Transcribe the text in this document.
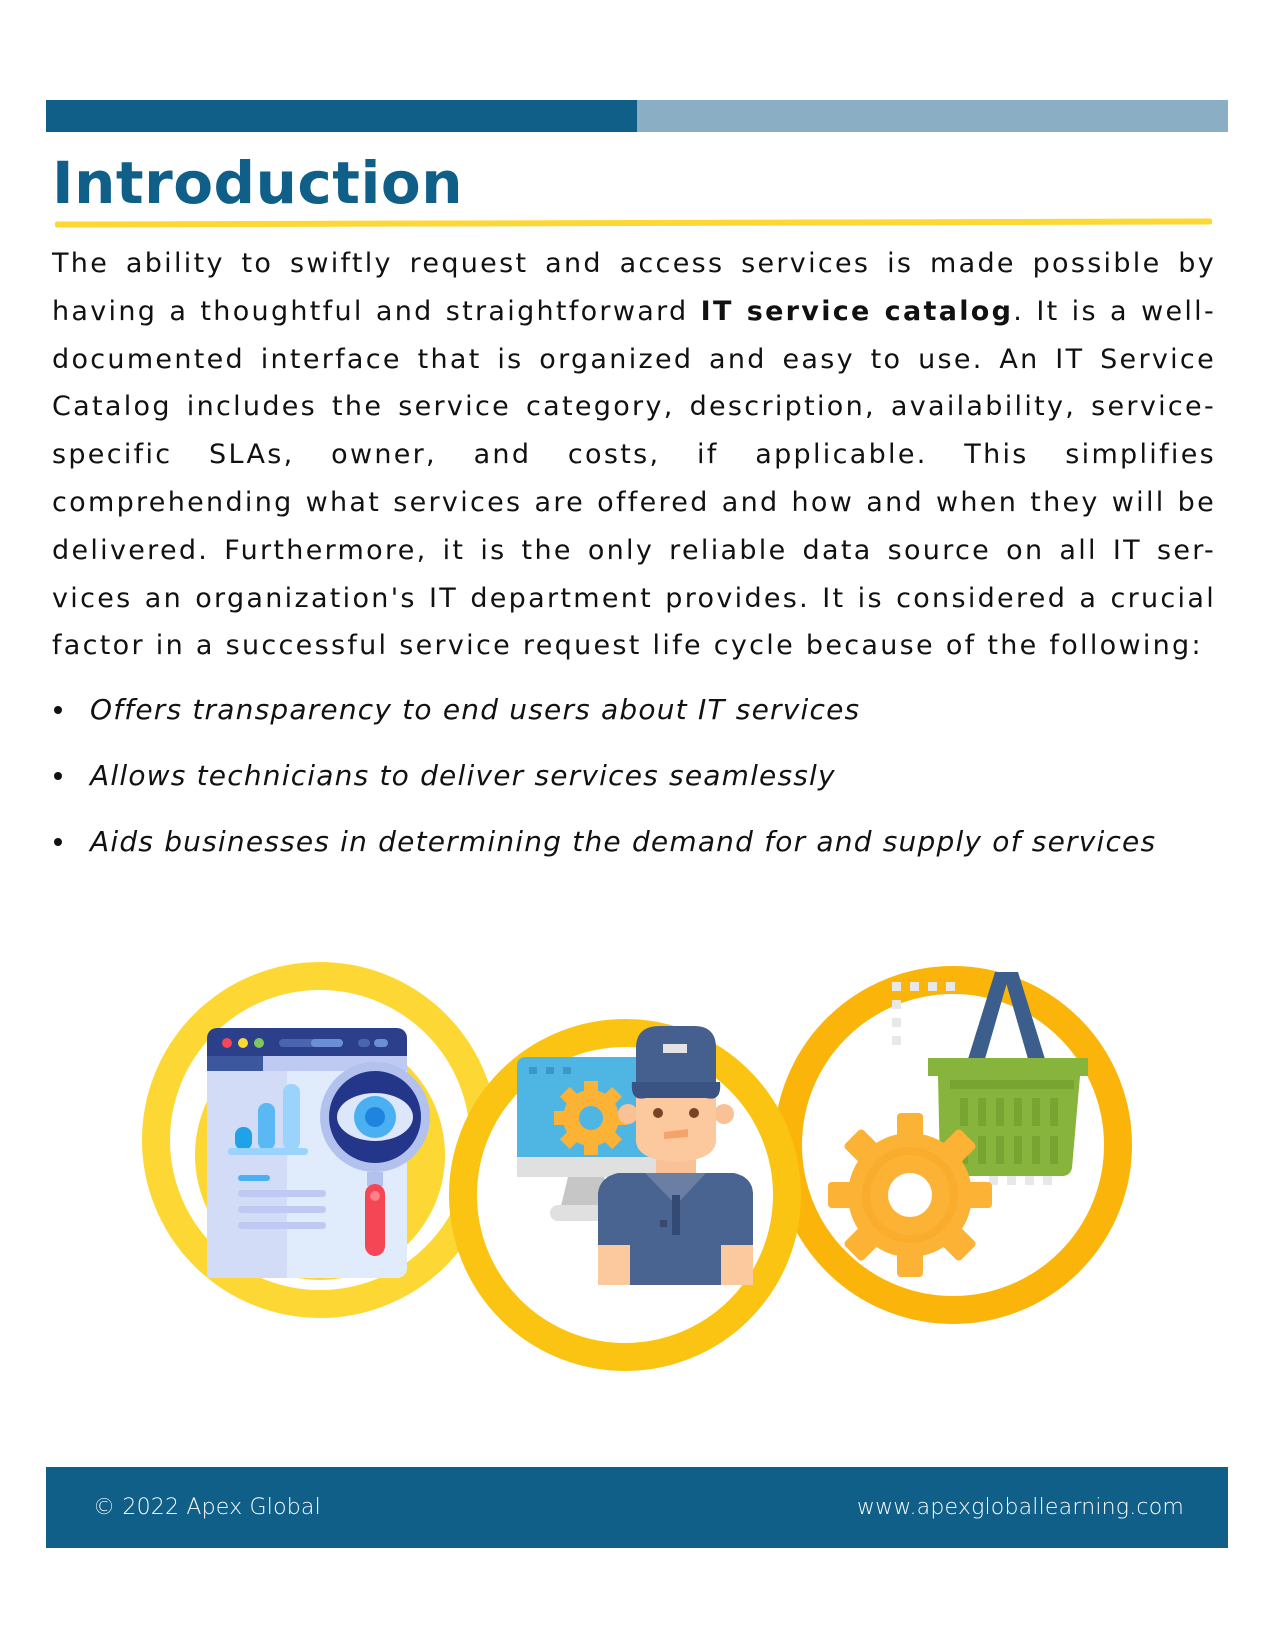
Introduction

The ability to swiftly request and access services is made possible by having a thoughtful and straightforward IT service catalog. It is a well-documented interface that is organized and easy to use. An IT Service Catalog includes the service category, description, availability, service-specific SLAs, owner, and costs, if applicable. This simplifies comprehending what services are offered and how and when they will be delivered. Furthermore, it is the only reliable data source on all IT ser-vices an organization's IT department provides. It is considered a crucial factor in a successful service request life cycle because of the following:

Offers transparency to end users about IT services
Allows technicians to deliver services seamlessly
Aids businesses in determining the demand for and supply of services
© 2022 Apex Global	www.apexgloballearning.com
